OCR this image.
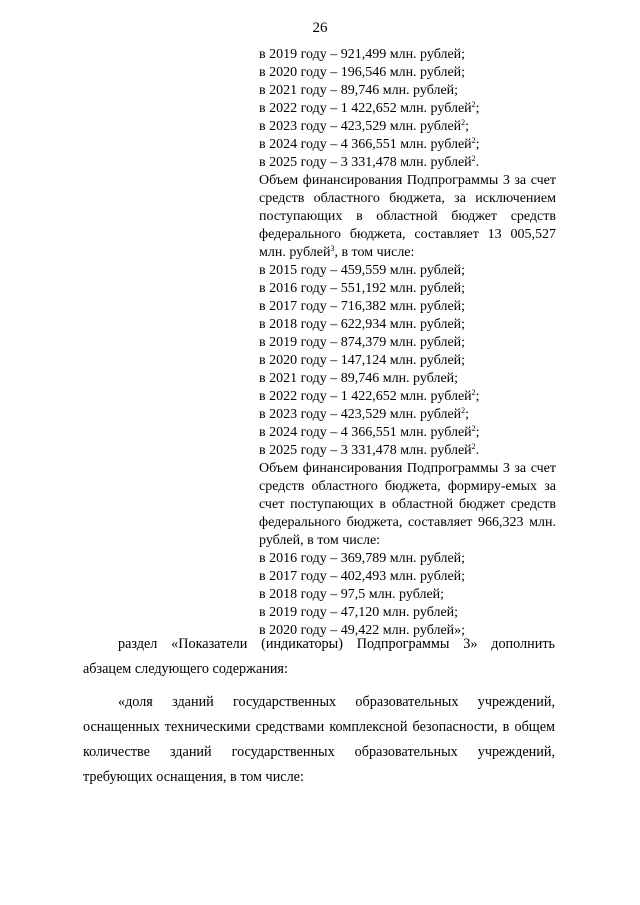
26
в 2019 году – 921,499 млн. рублей;
в 2020 году – 196,546 млн. рублей;
в 2021 году – 89,746 млн. рублей;
в 2022 году – 1 422,652 млн. рублей$^2$;
в 2023 году – 423,529 млн. рублей$^2$;
в 2024 году – 4 366,551 млн. рублей$^2$;
в 2025 году – 3 331,478 млн. рублей$^2$.
Объем финансирования Подпрограммы 3 за счет средств областного бюджета, за исключением поступающих в областной бюджет средств федерального бюджета, составляет 13 005,527 млн. рублей$^3$, в том числе:
в 2015 году – 459,559 млн. рублей;
в 2016 году – 551,192 млн. рублей;
в 2017 году – 716,382 млн. рублей;
в 2018 году – 622,934 млн. рублей;
в 2019 году – 874,379 млн. рублей;
в 2020 году – 147,124 млн. рублей;
в 2021 году – 89,746 млн. рублей;
в 2022 году – 1 422,652 млн. рублей$^2$;
в 2023 году – 423,529 млн. рублей$^2$;
в 2024 году – 4 366,551 млн. рублей$^2$;
в 2025 году – 3 331,478 млн. рублей$^2$.
Объем финансирования Подпрограммы 3 за счет средств областного бюджета, формиру-емых за счет поступающих в областной бюджет средств федерального бюджета, составляет 966,323 млн. рублей, в том числе:
в 2016 году – 369,789 млн. рублей;
в 2017 году – 402,493 млн. рублей;
в 2018 году – 97,5 млн. рублей;
в 2019 году – 47,120 млн. рублей;
в 2020 году – 49,422 млн. рублей»;

раздел «Показатели (индикаторы) Подпрограммы 3» дополнить абзацем следующего содержания:

«доля зданий государственных образовательных учреждений, оснащенных техническими средствами комплексной безопасности, в общем количестве зданий государственных образовательных учреждений, требующих оснащения, в том числе:
